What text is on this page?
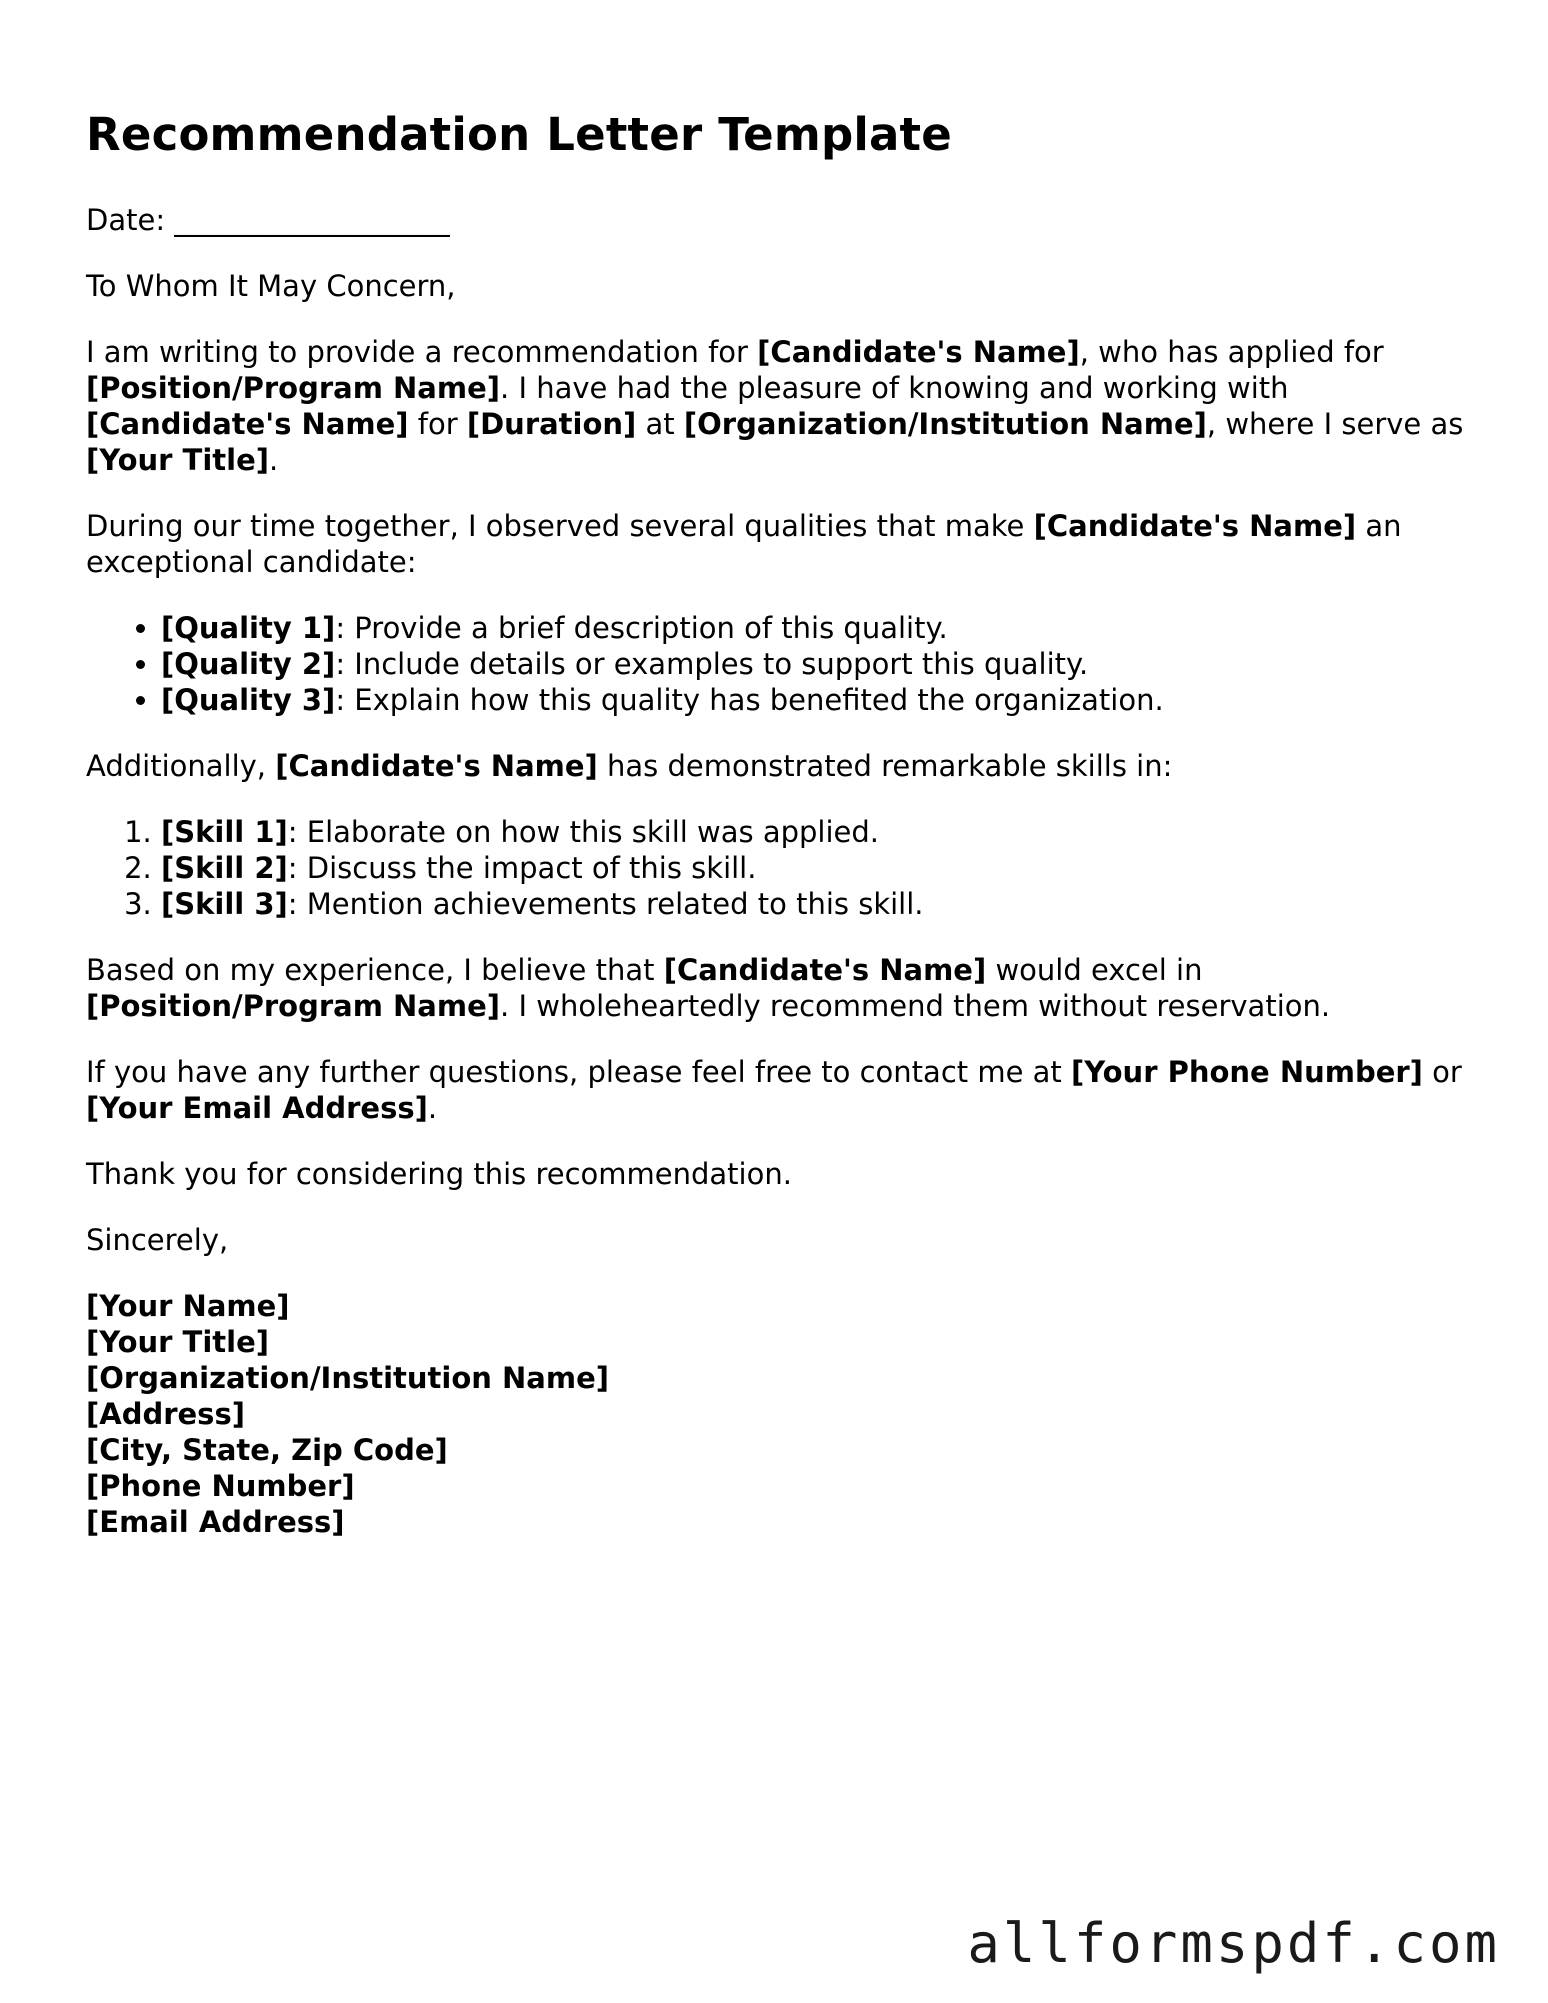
Recommendation Letter Template

Date: ___________________

To Whom It May Concern,

I am writing to provide a recommendation for [Candidate's Name], who has applied for [Position/Program Name]. I have had the pleasure of knowing and working with [Candidate's Name] for [Duration] at [Organization/Institution Name], where I serve as [Your Title].

During our time together, I observed several qualities that make [Candidate's Name] an exceptional candidate:

• [Quality 1]: Provide a brief description of this quality.
• [Quality 2]: Include details or examples to support this quality.
• [Quality 3]: Explain how this quality has benefited the organization.

Additionally, [Candidate's Name] has demonstrated remarkable skills in:

1. [Skill 1]: Elaborate on how this skill was applied.
2. [Skill 2]: Discuss the impact of this skill.
3. [Skill 3]: Mention achievements related to this skill.

Based on my experience, I believe that [Candidate's Name] would excel in [Position/Program Name]. I wholeheartedly recommend them without reservation.

If you have any further questions, please feel free to contact me at [Your Phone Number] or [Your Email Address].

Thank you for considering this recommendation.

Sincerely,

[Your Name]
[Your Title]
[Organization/Institution Name]
[Address]
[City, State, Zip Code]
[Phone Number]
[Email Address]
allformspdf.com
